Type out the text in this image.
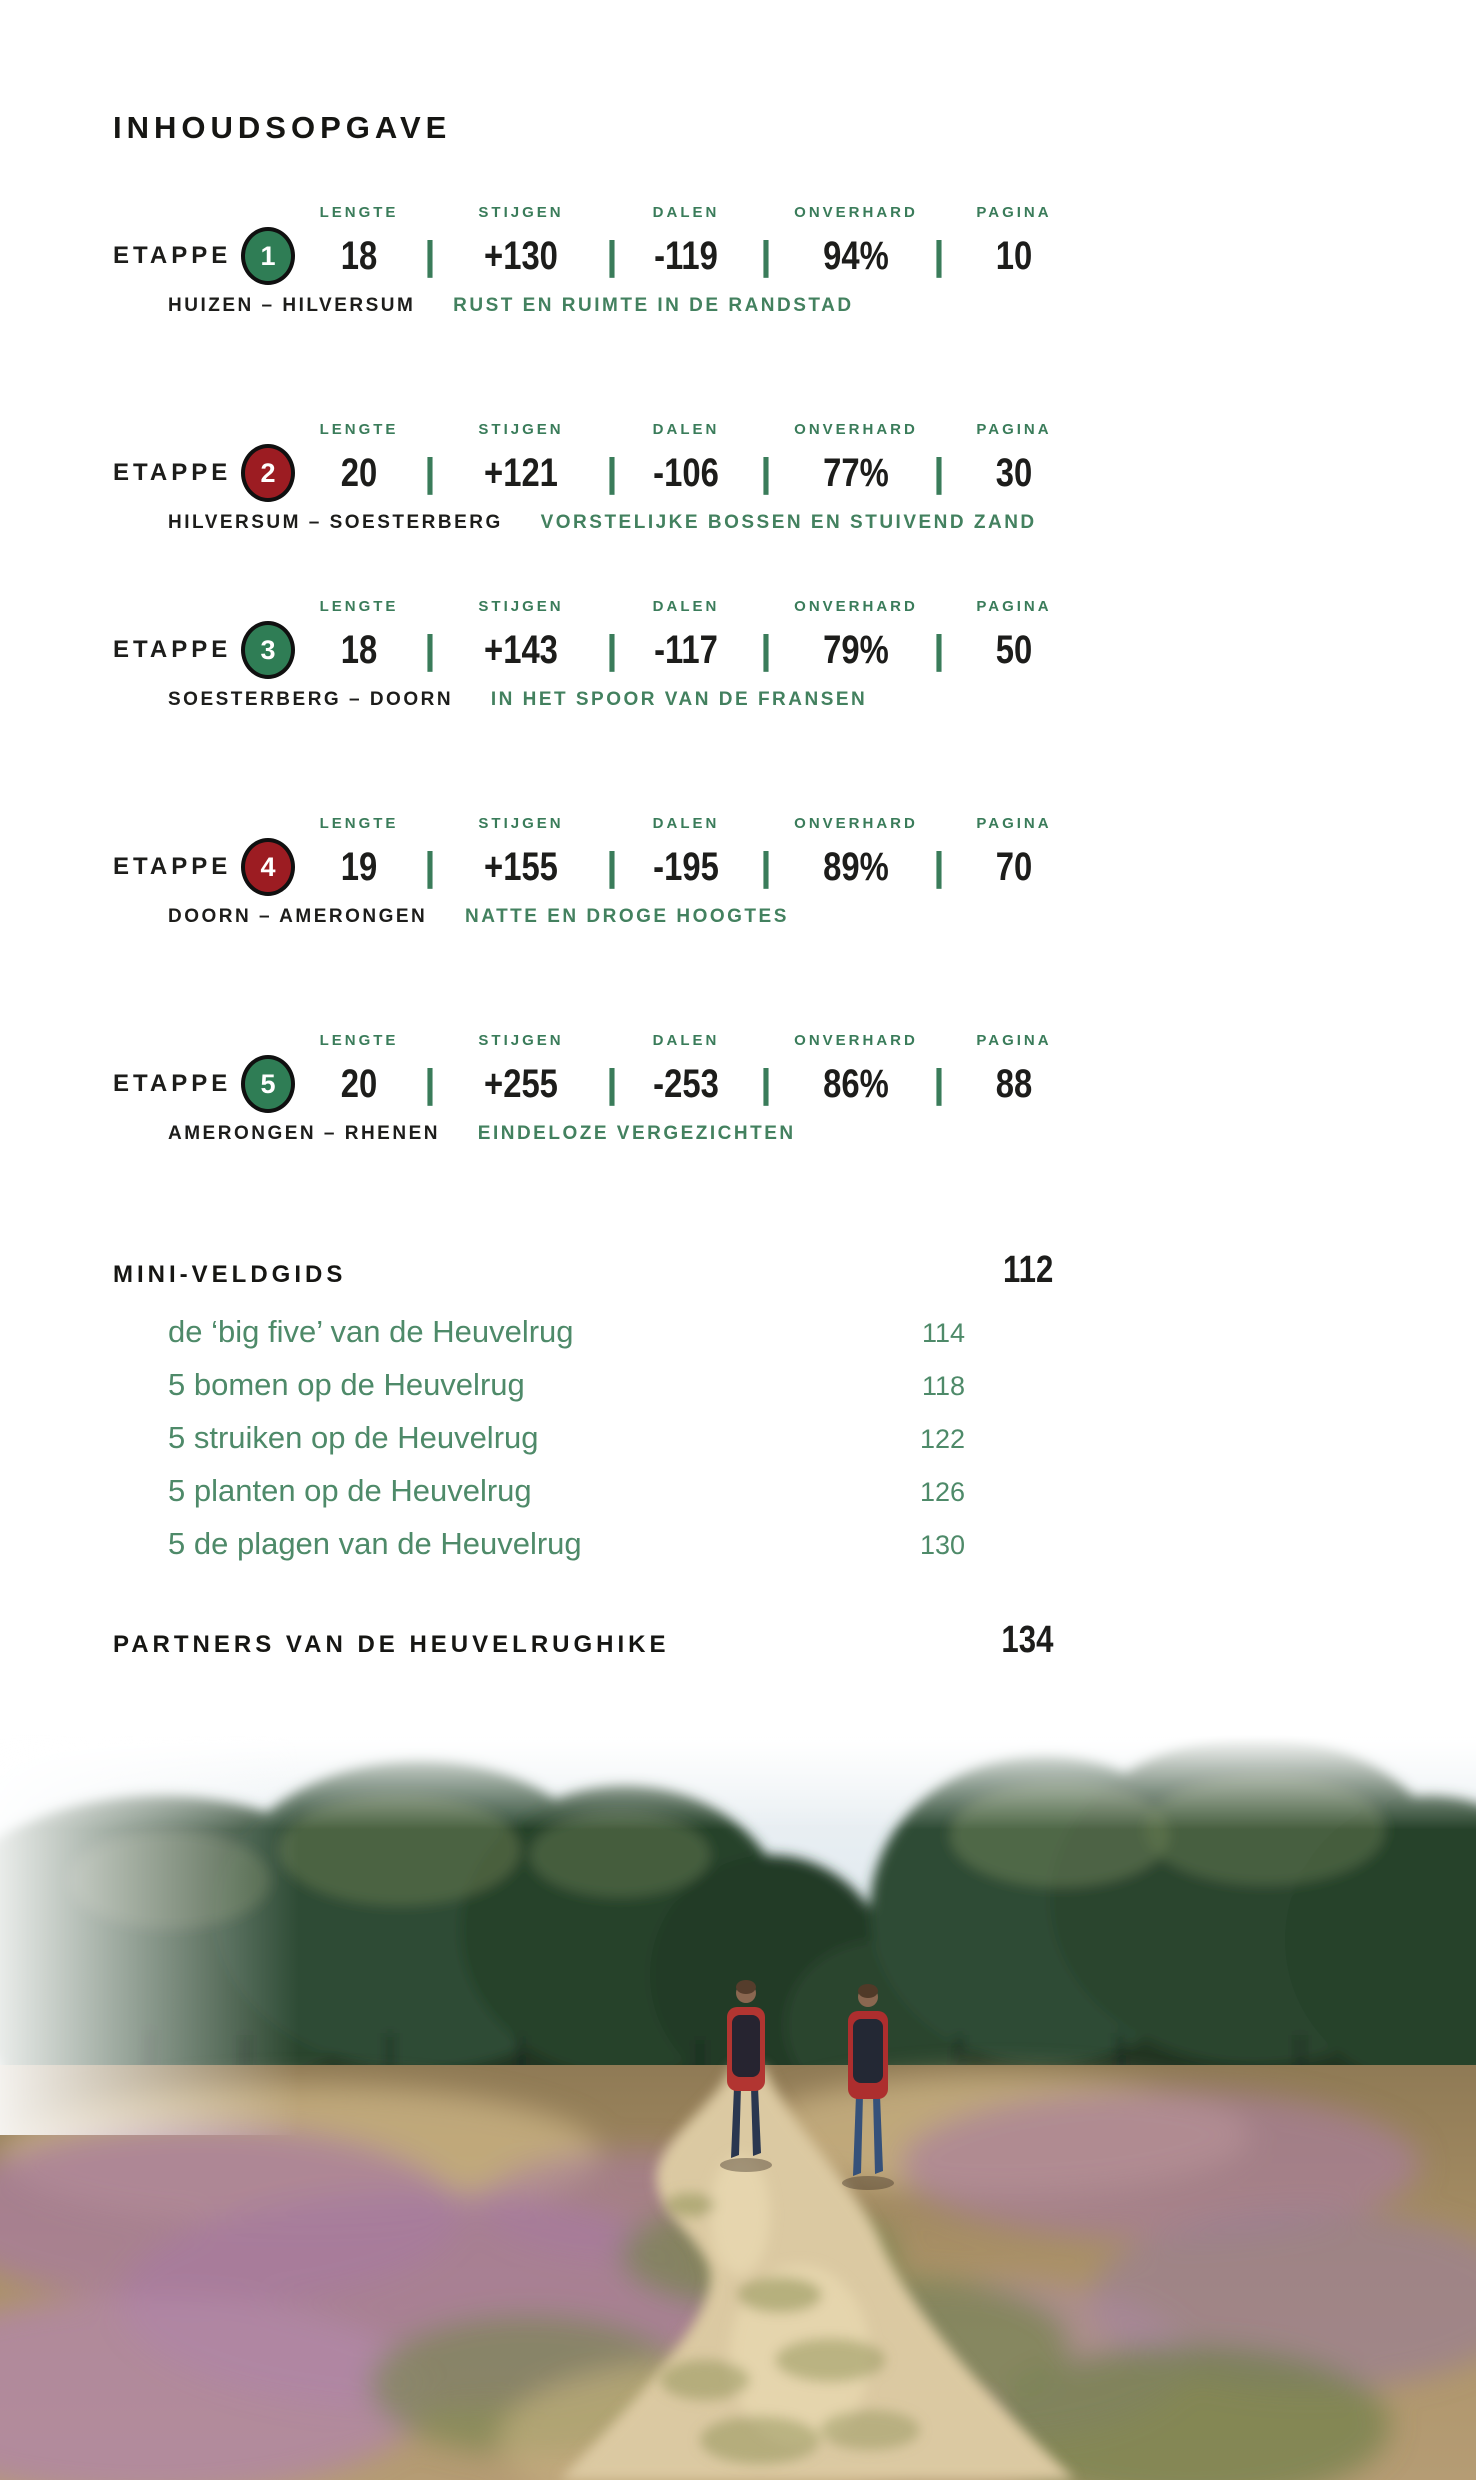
INHOUDSOPGAVE
LENGTE	STIJGEN	DALEN	ONVERHARD	PAGINA
ETAPPE	1	18	|	+130	| -119	|	94%	|	10
HUIZEN – HILVERSUM RUST EN RUIMTE IN DE RANDSTAD
LENGTE	STIJGEN	DALEN	ONVERHARD	PAGINA
ETAPPE	2	20	|	+121	| -106	|	77%	|	30
HILVERSUM – SOESTERBERG VORSTELIJKE BOSSEN EN STUIVEND ZAND
LENGTE	STIJGEN	DALEN	ONVERHARD	PAGINA
ETAPPE	3	18	|	+143	| -117	|	79%	|	50
SOESTERBERG – DOORN IN HET SPOOR VAN DE FRANSEN
LENGTE	STIJGEN	DALEN	ONVERHARD	PAGINA
ETAPPE	4	19	|	+155	| -195	|	89%	|	70
DOORN – AMERONGEN NATTE EN DROGE HOOGTES
LENGTE	STIJGEN	DALEN	ONVERHARD	PAGINA
ETAPPE	5	20	|	+255	| -253	|	86%	|	88
AMERONGEN – RHENEN EINDELOZE VERGEZICHTEN
MINI-VELDGIDS	112
de ‘big five’ van de Heuvelrug	114
5 bomen op de Heuvelrug	118
5 struiken op de Heuvelrug	122
5 planten op de Heuvelrug	126
5 de plagen van de Heuvelrug	130
PARTNERS VAN DE HEUVELRUGHIKE	134
